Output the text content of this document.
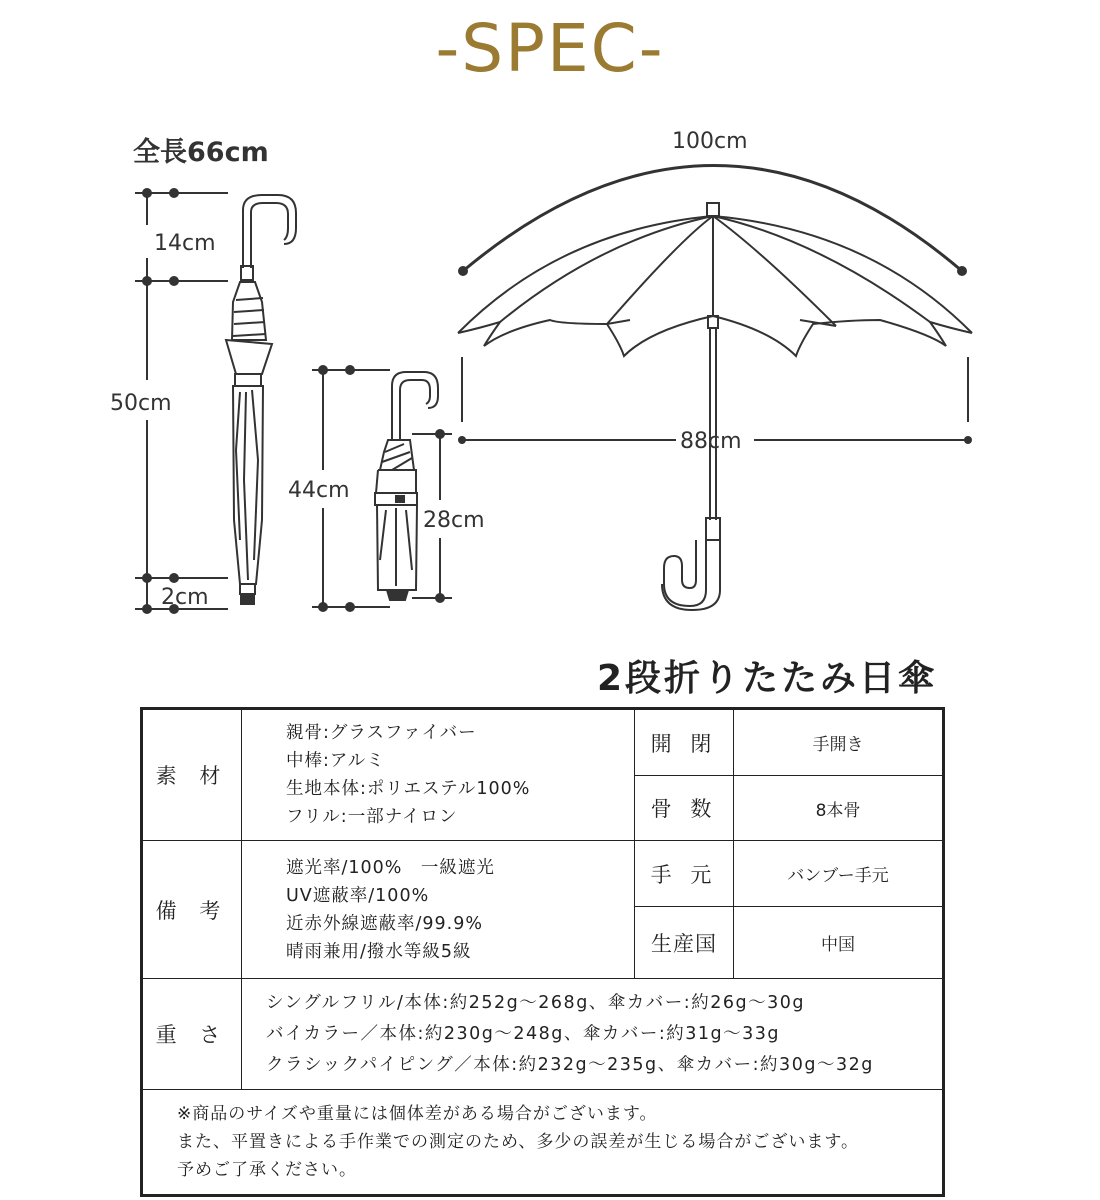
-SPEC-
全長66cm
14cm
50cm
2cm
44cm
28cm
100cm
88cm
2段折りたたみ日傘
素 材	親骨:グラスファイバー
中棒:アルミ
生地本体:ポリエステル100%
フリル:一部ナイロン	開 閉	手開き
		骨 数	8本骨
備 考	遮光率/100%　一級遮光
UV遮蔽率/100%
近赤外線遮蔽率/99.9%
晴雨兼用/撥水等級5級	手 元	バンブー手元
		生産国	中国
重 さ	シングルフリル/本体:約252g〜268g、傘カバー:約26g〜30g
バイカラー／本体:約230g〜248g、傘カバー:約31g〜33g
クラシックパイピング／本体:約232g〜235g、傘カバー:約30g〜32g		

※商品のサイズや重量には個体差がある場合がございます。
また、平置きによる手作業での測定のため、多少の誤差が生じる場合がございます。
予めご了承ください。			
